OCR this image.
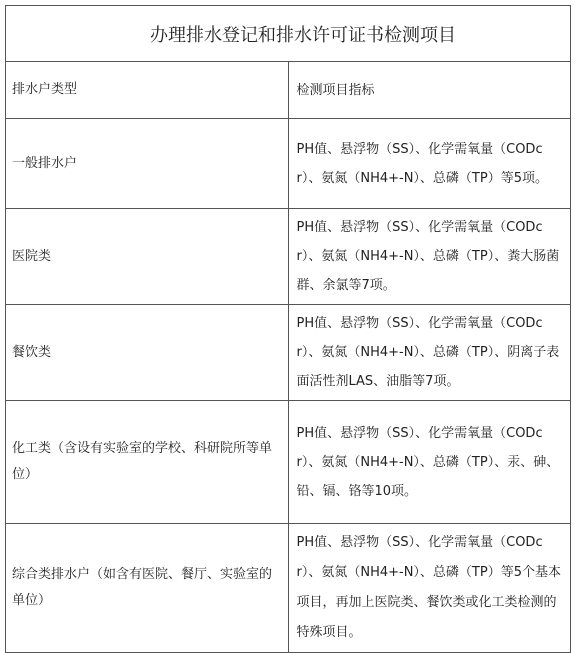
办理排水登记和排水许可证书检测项目	
排水户类型	检测项目指标
一般排水户	PH值、悬浮物（SS）、化学需氧量（CODcr）、氨氮（NH4+-N）、总磷（TP）等5项。
医院类	PH值、悬浮物（SS）、化学需氧量（CODcr）、氨氮（NH4+-N）、总磷（TP）、粪大肠菌群、余氯等7项。
餐饮类	PH值、悬浮物（SS）、化学需氧量（CODcr）、氨氮（NH4+-N）、总磷（TP）、阴离子表面活性剂LAS、油脂等7项。
化工类（含设有实验室的学校、科研院所等单位）	PH值、悬浮物（SS）、化学需氧量（CODcr）、氨氮（NH4+-N）、总磷（TP）、汞、砷、铅、镉、铬等10项。
综合类排水户（如含有医院、餐厅、实验室的单位）	PH值、悬浮物（SS）、化学需氧量（CODcr）、氨氮（NH4+-N）、总磷（TP）等5个基本项目，再加上医院类、餐饮类或化工类检测的特殊项目。
